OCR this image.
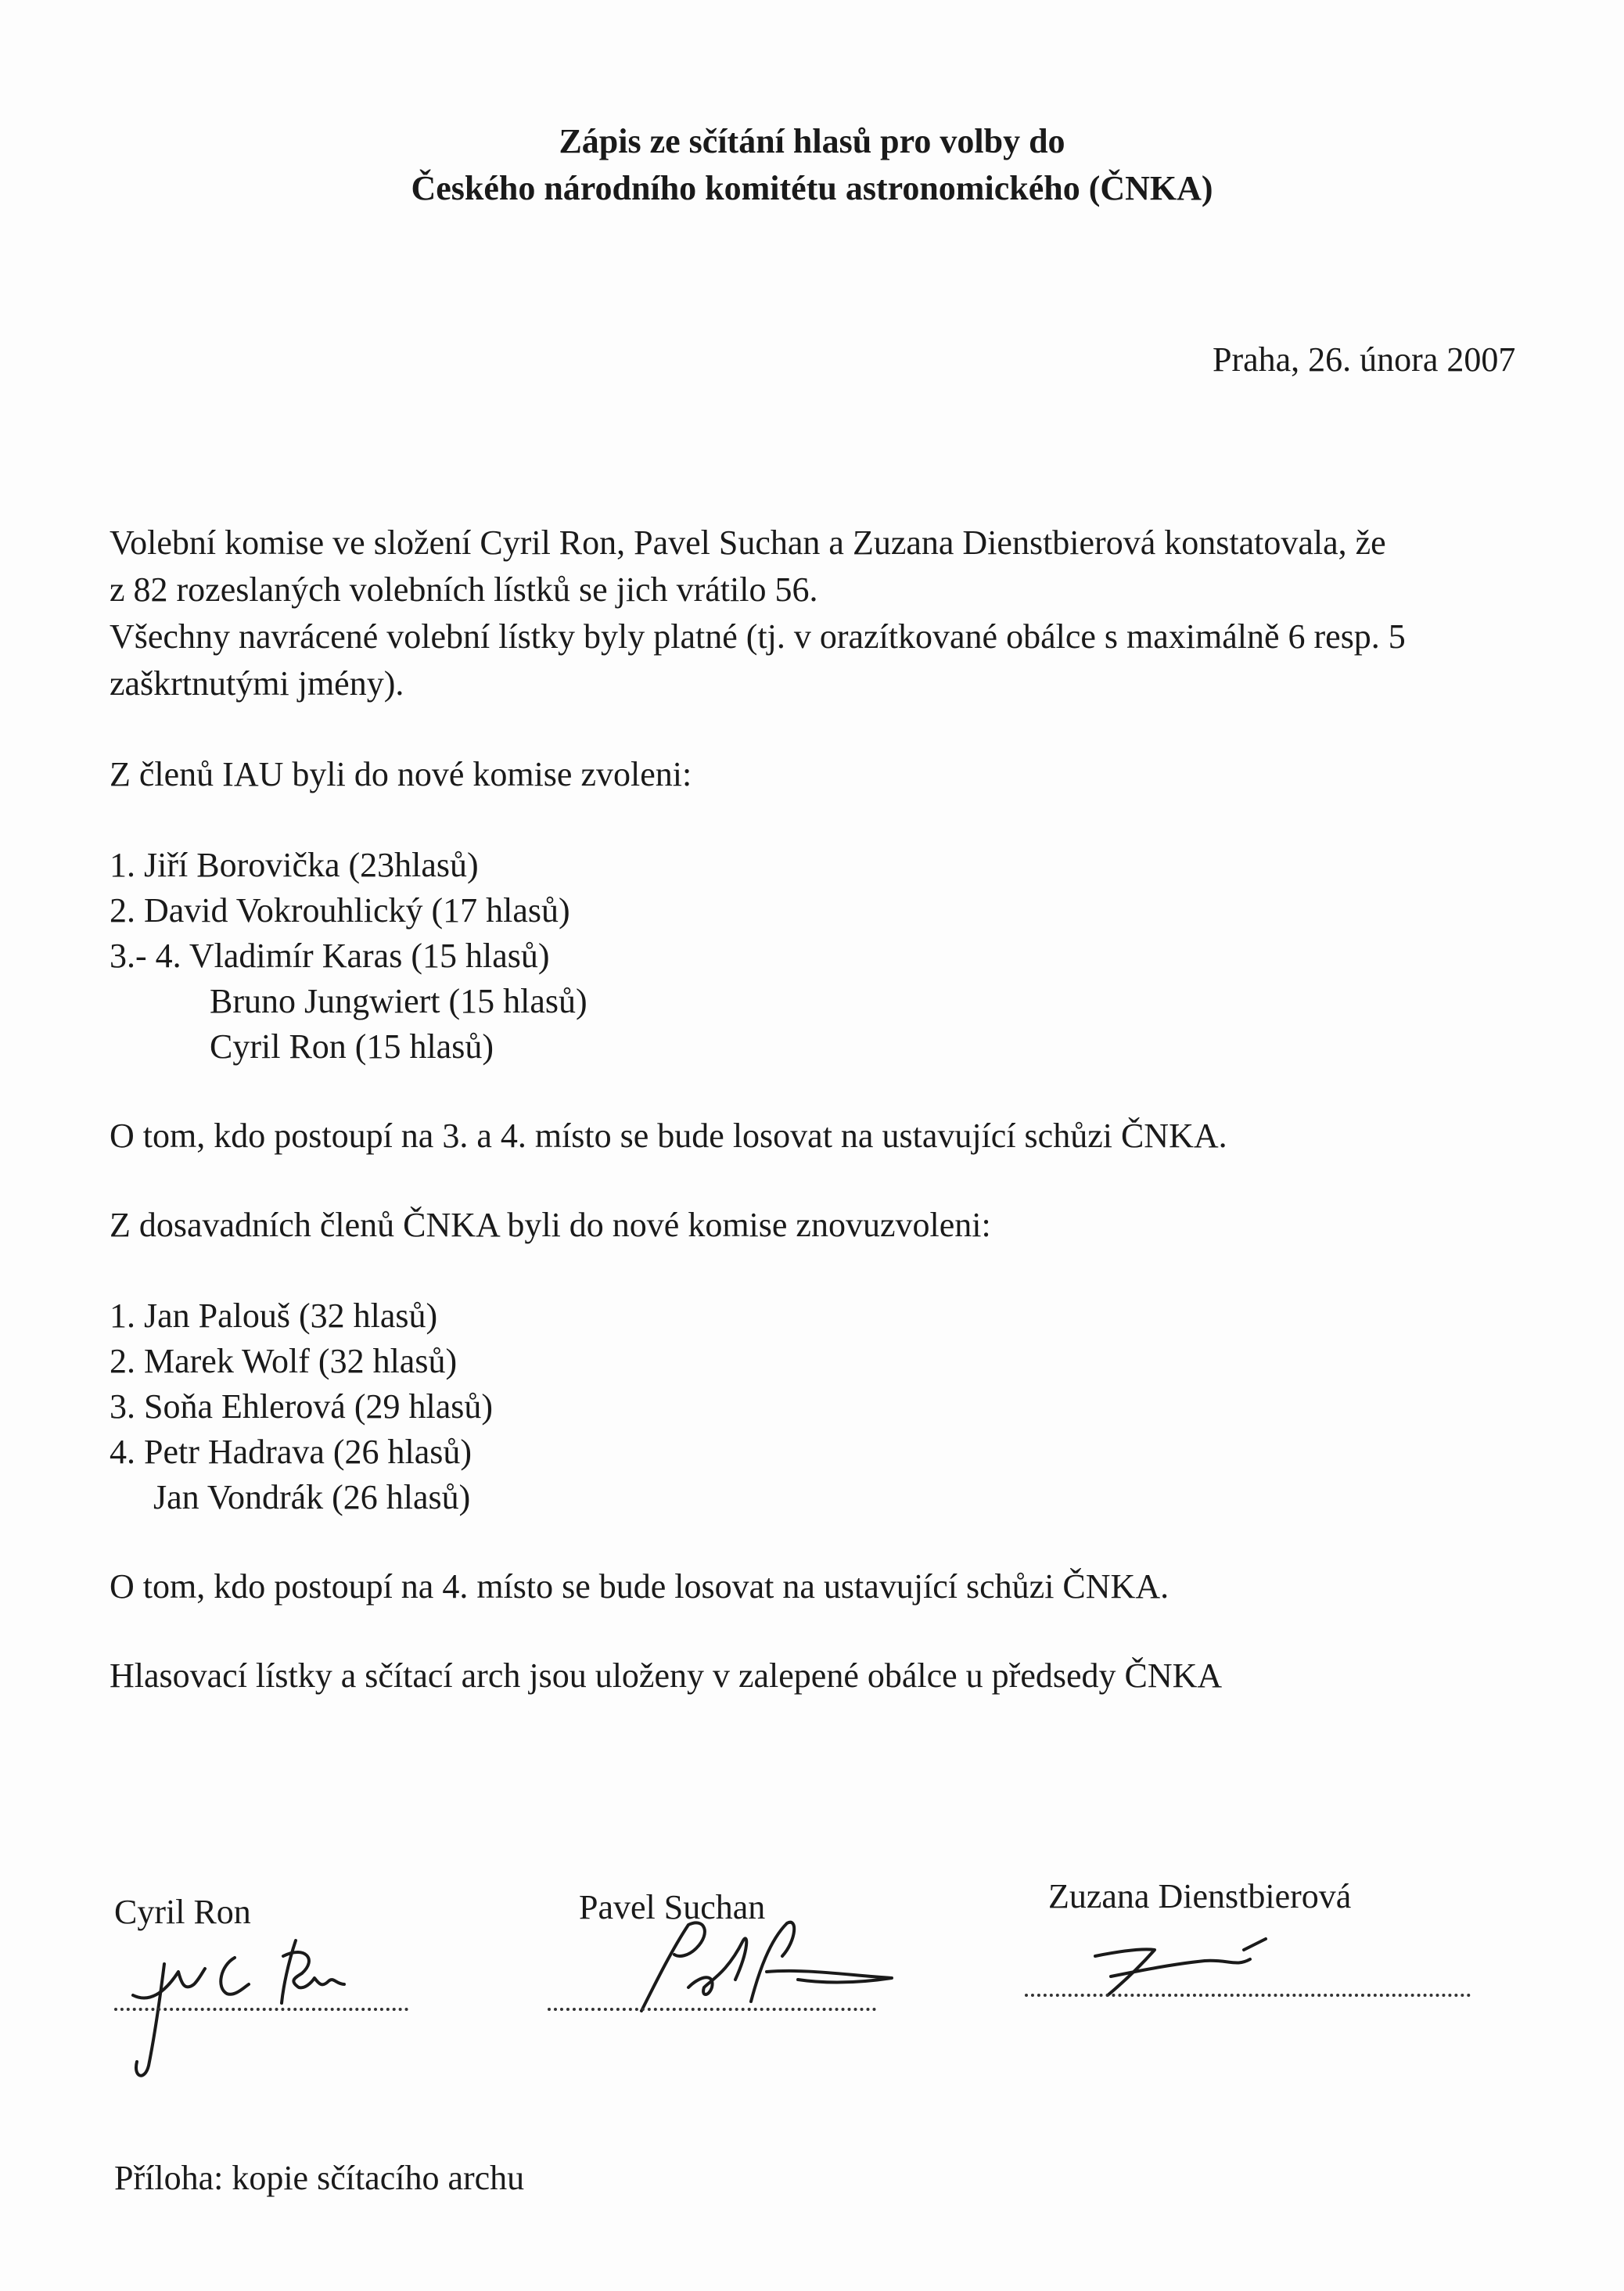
Zápis ze sčítání hlasů pro volby do
Českého národního komitétu astronomického (ČNKA)
Praha, 26. února 2007
Volební komise ve složení Cyril Ron, Pavel Suchan a Zuzana Dienstbierová konstatovala, že
z 82 rozeslaných volebních lístků se jich vrátilo 56.
Všechny navrácené volební lístky byly platné (tj. v orazítkované obálce s maximálně 6 resp. 5
zaškrtnutými jmény).
Z členů IAU byli do nové komise zvoleni:
1. Jiří Borovička (23hlasů)
2. David Vokrouhlický (17 hlasů)
3.- 4. Vladimír Karas (15 hlasů)
Bruno Jungwiert (15 hlasů)
Cyril Ron (15 hlasů)
O tom, kdo postoupí na 3. a 4. místo se bude losovat na ustavující schůzi ČNKA.
Z dosavadních členů ČNKA byli do nové komise znovuzvoleni:
1. Jan Palouš (32 hlasů)
2. Marek Wolf (32 hlasů)
3. Soňa Ehlerová (29 hlasů)
4. Petr Hadrava (26 hlasů)
Jan Vondrák (26 hlasů)
O tom, kdo postoupí na 4. místo se bude losovat na ustavující schůzi ČNKA.
Hlasovací lístky a sčítací arch jsou uloženy v zalepené obálce u předsedy ČNKA
Cyril Ron	Pavel Suchan	Zuzana Dienstbierová
Příloha: kopie sčítacího archu
